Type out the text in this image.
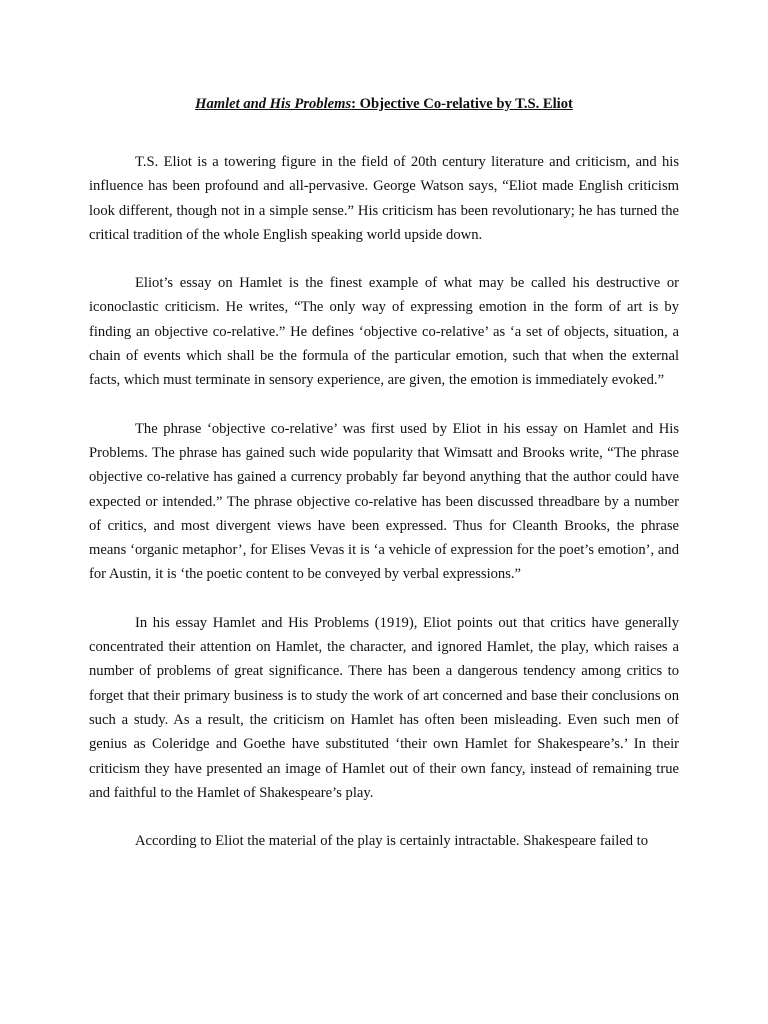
Hamlet and His Problems: Objective Co-relative by T.S. Eliot

T.S. Eliot is a towering figure in the field of 20th century literature and criticism, and his influence has been profound and all-pervasive. George Watson says, “Eliot made English criticism look different, though not in a simple sense.” His criticism has been revolutionary; he has turned the critical tradition of the whole English speaking world upside down.

Eliot’s essay on Hamlet is the finest example of what may be called his destructive or iconoclastic criticism. He writes, “The only way of expressing emotion in the form of art is by finding an objective co-relative.” He defines ‘objective co-relative’ as ‘a set of objects, situation, a chain of events which shall be the formula of the particular emotion, such that when the external facts, which must terminate in sensory experience, are given, the emotion is immediately evoked.”

The phrase ‘objective co-relative’ was first used by Eliot in his essay on Hamlet and His Problems. The phrase has gained such wide popularity that Wimsatt and Brooks write, “The phrase objective co-relative has gained a currency probably far beyond anything that the author could have expected or intended.” The phrase objective co-relative has been discussed threadbare by a number of critics, and most divergent views have been expressed. Thus for Cleanth Brooks, the phrase means ‘organic metaphor’, for Elises Vevas it is ‘a vehicle of expression for the poet’s emotion’, and for Austin, it is ‘the poetic content to be conveyed by verbal expressions.”

In his essay Hamlet and His Problems (1919), Eliot points out that critics have generally concentrated their attention on Hamlet, the character, and ignored Hamlet, the play, which raises a number of problems of great significance. There has been a dangerous tendency among critics to forget that their primary business is to study the work of art concerned and base their conclusions on such a study. As a result, the criticism on Hamlet has often been misleading. Even such men of genius as Coleridge and Goethe have substituted ‘their own Hamlet for Shakespeare’s.’ In their criticism they have presented an image of Hamlet out of their own fancy, instead of remaining true and faithful to the Hamlet of Shakespeare’s play.

According to Eliot the material of the play is certainly intractable. Shakespeare failed to
